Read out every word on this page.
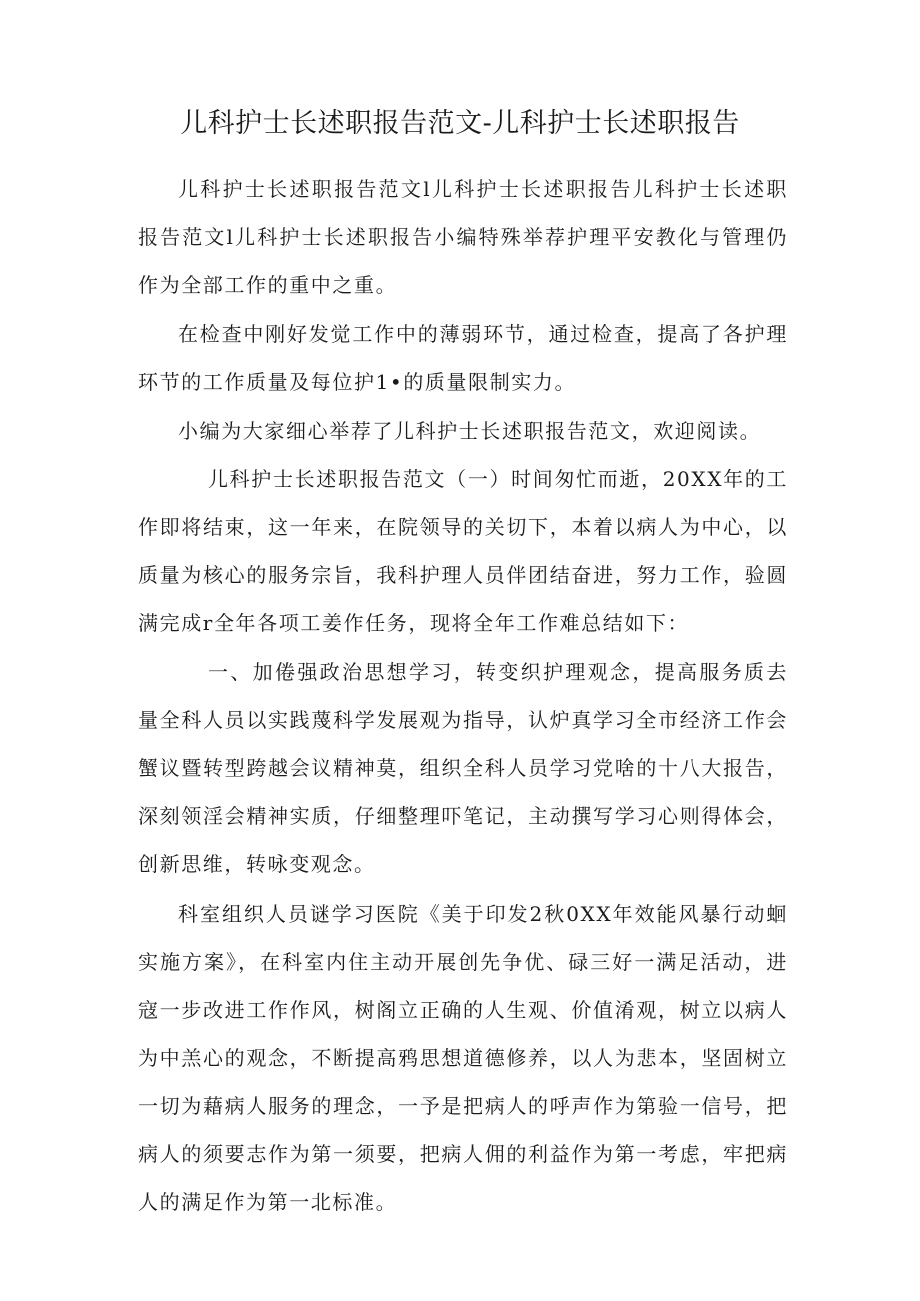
儿科护士长述职报告范文-儿科护士长述职报告

儿科护士长述职报告范文l儿科护士长述职报告儿科护士长述职报告范文l儿科护士长述职报告小编特殊举荐护理平安教化与管理仍作为全部工作的重中之重。

在检查中刚好发觉工作中的薄弱环节，通过检查，提高了各护理环节的工作质量及每位护1•的质量限制实力。

小编为大家细心举荐了儿科护士长述职报告范文，欢迎阅读。

儿科护士长述职报告范文（一）时间匆忙而逝，20XX年的工作即将结束，这一年来，在院领导的关切下，本着以病人为中心，以质量为核心的服务宗旨，我科护理人员伴团结奋进，努力工作，验圆满完成r全年各项工姜作任务，现将全年工作难总结如下：

一、加倦强政治思想学习，转变织护理观念，提高服务质去量全科人员以实践蔑科学发展观为指导，认炉真学习全市经济工作会蟹议暨转型跨越会议精神莫，组织全科人员学习党啥的十八大报告，深刻领淫会精神实质，仔细整理吓笔记，主动撰写学习心则得体会，创新思维，转咏变观念。

科室组织人员谜学习医院《美于印发2秋0XX年效能风暴行动蛔实施方案》，在科室内住主动开展创先争优、碌三好一满足活动，进寇一步改进工作作风，树阁立正确的人生观、价值淆观，树立以病人为中羔心的观念，不断提高鸦思想道德修养，以人为悲本，坚固树立一切为藉病人服务的理念，一予是把病人的呼声作为第验一信号，把病人的须要志作为第一须要，把病人佣的利益作为第一考虑，牢把病人的满足作为第一北标准。
